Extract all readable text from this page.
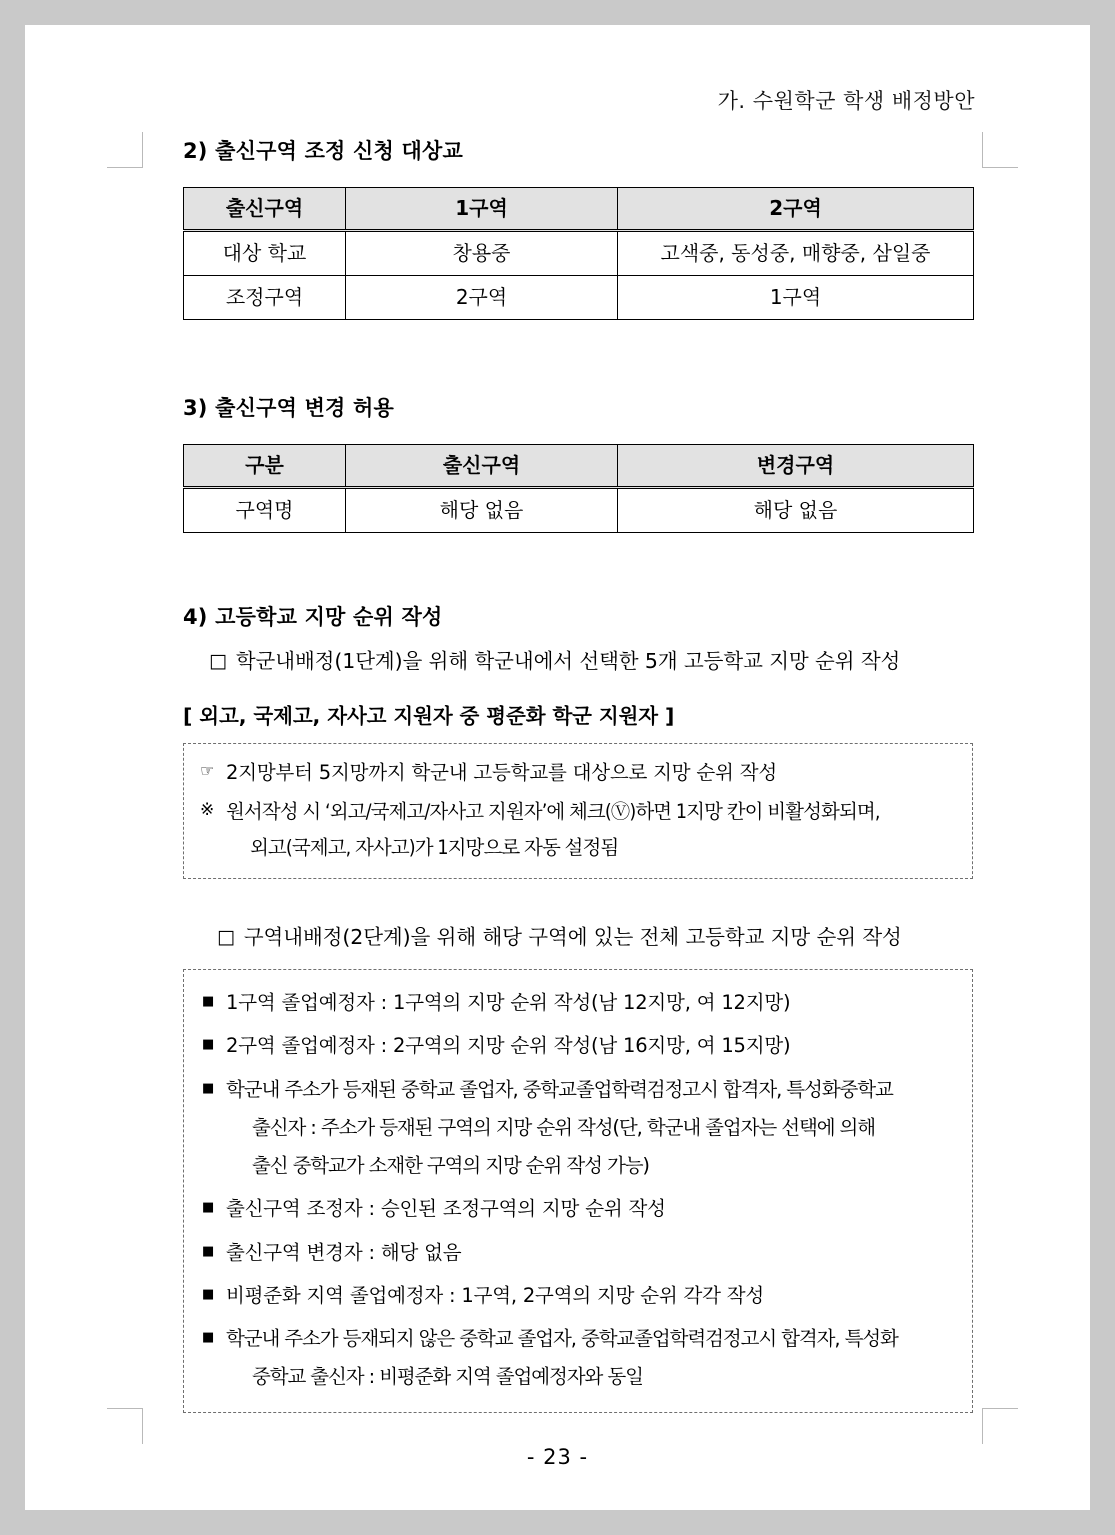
가. 수원학군 학생 배정방안
2) 출신구역 조정 신청 대상교
출신구역	1구역	2구역
대상 학교	창용중	고색중, 동성중, 매향중, 삼일중
조정구역	2구역	1구역
3) 출신구역 변경 허용
구분	출신구역	변경구역
구역명	해당 없음	해당 없음
4) 고등학교 지망 순위 작성
□ 학군내배정(1단계)을 위해 학군내에서 선택한 5개 고등학교 지망 순위 작성
[ 외고, 국제고, 자사고 지원자 중 평준화 학군 지원자 ]
☞ 2지망부터 5지망까지 학군내 고등학교를 대상으로 지망 순위 작성
※ 원서작성 시 ‘외고/국제고/자사고 지원자’에 체크(Ⓥ)하면 1지망 칸이 비활성화되며,
외고(국제고, 자사고)가 1지망으로 자동 설정됨
□ 구역내배정(2단계)을 위해 해당 구역에 있는 전체 고등학교 지망 순위 작성
■ 1구역 졸업예정자 : 1구역의 지망 순위 작성(남 12지망, 여 12지망)
■ 2구역 졸업예정자 : 2구역의 지망 순위 작성(남 16지망, 여 15지망)
■ 학군내 주소가 등재된 중학교 졸업자, 중학교졸업학력검정고시 합격자, 특성화중학교
출신자 : 주소가 등재된 구역의 지망 순위 작성(단, 학군내 졸업자는 선택에 의해
출신 중학교가 소재한 구역의 지망 순위 작성 가능)
■ 출신구역 조정자 : 승인된 조정구역의 지망 순위 작성
■ 출신구역 변경자 : 해당 없음
■ 비평준화 지역 졸업예정자 : 1구역, 2구역의 지망 순위 각각 작성
■ 학군내 주소가 등재되지 않은 중학교 졸업자, 중학교졸업학력검정고시 합격자, 특성화
중학교 출신자 : 비평준화 지역 졸업예정자와 동일
- 23 -
